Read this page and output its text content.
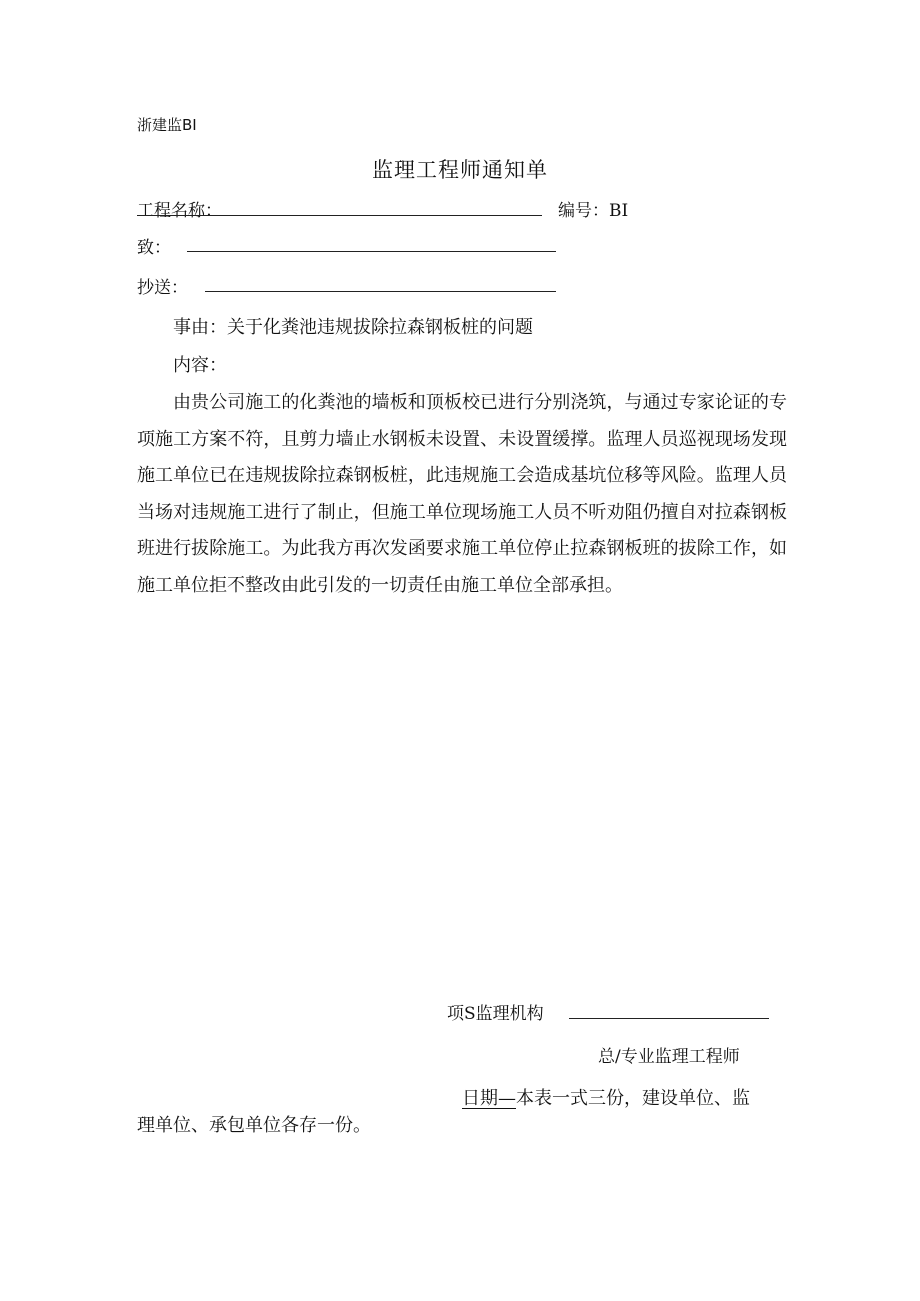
浙建监BI
监理工程师通知单
工程名称：	编号：BI
致：
抄送：
事由：关于化粪池违规拔除拉森钢板桩的问题
内容：
由贵公司施工的化粪池的墙板和顶板校已进行分别浇筑，与通过专家论证的专项施工方案不符，且剪力墙止水钢板未设置、未设置缓撑。监理人员巡视现场发现施工单位已在违规拔除拉森钢板桩，此违规施工会造成基坑位移等风险。监理人员当场对违规施工进行了制止，但施工单位现场施工人员不听劝阻仍擅自对拉森钢板班进行拔除施工。为此我方再次发函要求施工单位停止拉森钢板班的拔除工作，如施工单位拒不整改由此引发的一切责任由施工单位全部承担。
项S监理机构
总/专业监理工程师
日期—本表一式三份，建设单位、监
理单位、承包单位各存一份。
